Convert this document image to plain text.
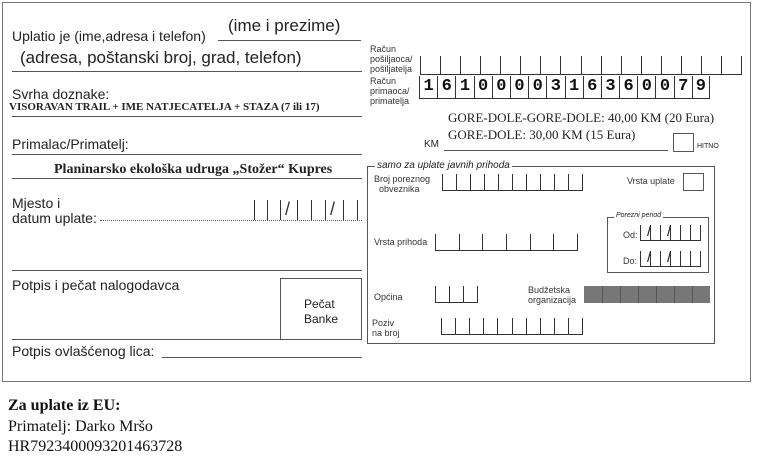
Uplatio je (ime,adresa i telefon)
(ime i prezime)
(adresa, poštanski broj, grad, telefon)
Svrha doznake:
VISORAVAN TRAIL + IME NATJECATELJA + STAZA (7 ili 17)
Primalac/Primatelj:
Planinarsko ekološka udruga „Stožer“ Kupres
Mjesto i
datum uplate:	/ /
Potpis i pečat nalogodavca
Pečat
Banke
Potpis ovlašćenog lica:
Račun
pošiljaoca/
pošiljatelja
Račun
primaoca/
primatelja
1 6 1 0 0 0 0 3 1 6 3 6 0 0 7 9
GORE-DOLE-GORE-DOLE: 40,00 KM (20 Eura)
GORE-DOLE: 30,00 KM (15 Eura)
KM	HITNO
samo za uplate javnih prihoda
Broj poreznog
obveznika
Vrsta uplate
Vrsta prihoda
Porezni period
Od: / /
Do: / /
Općina
Budžetska
organizacija
Poziv
na broj
Za uplate iz EU:
Primatelj: Darko Mršo
HR7923400093201463728
